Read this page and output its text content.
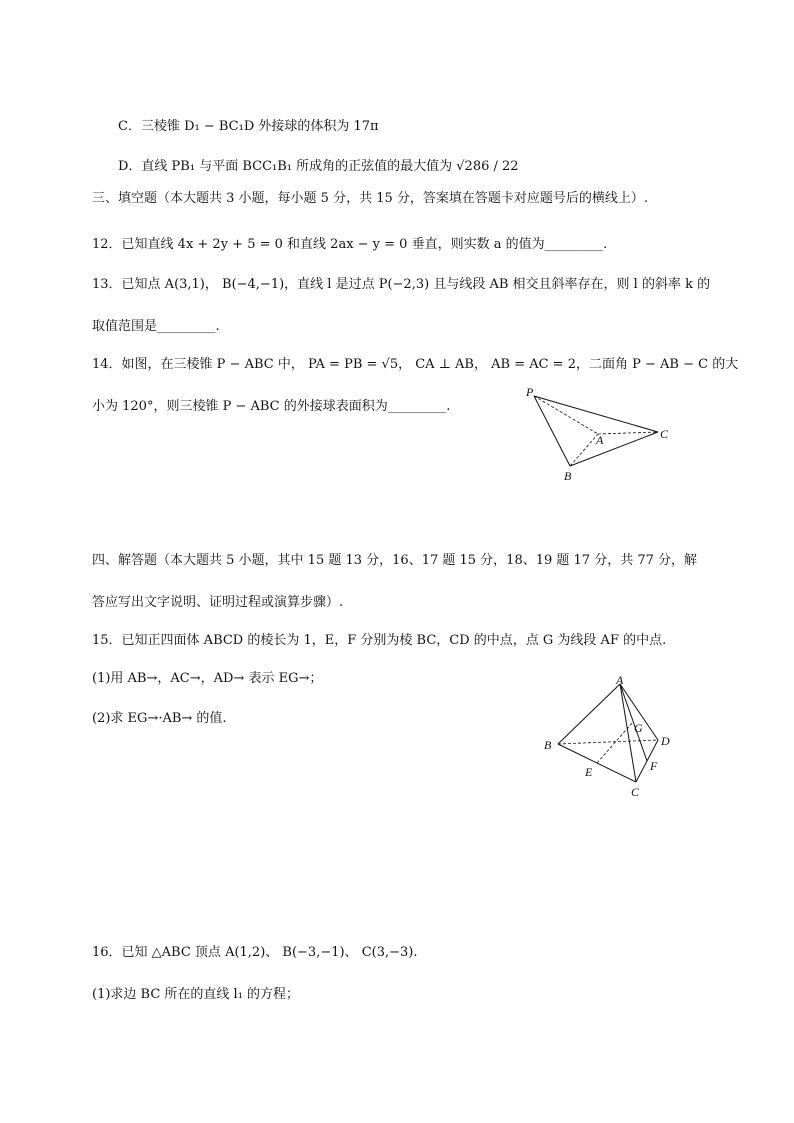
C．三棱锥 D₁ − BC₁D 外接球的体积为 17π
D．直线 PB₁ 与平面 BCC₁B₁ 所成角的正弦值的最大值为 √286 / 22
三、填空题（本大题共 3 小题，每小题 5 分，共 15 分，答案填在答题卡对应题号后的横线上）.
12．已知直线 4x + 2y + 5 = 0 和直线 2ax − y = 0 垂直，则实数 a 的值为_________.
13．已知点 A(3,1)， B(−4,−1)，直线 l 是过点 P(−2,3) 且与线段 AB 相交且斜率存在，则 l 的斜率 k 的
取值范围是_________.
14．如图，在三棱锥 P − ABC 中， PA = PB = √5， CA ⊥ AB， AB = AC = 2，二面角 P − AB − C 的大
小为 120°，则三棱锥 P − ABC 的外接球表面积为_________.
P
A
B
C
四、解答题（本大题共 5 小题，其中 15 题 13 分，16、17 题 15 分，18、19 题 17 分，共 77 分，解
答应写出文字说明、证明过程或演算步骤）.
15．已知正四面体 ABCD 的棱长为 1，E，F 分别为棱 BC，CD 的中点，点 G 为线段 AF 的中点.
(1)用 AB→，AC→，AD→ 表示 EG→；
(2)求 EG→·AB→ 的值.
A
B
C
D
E	F
G
16．已知 △ABC 顶点 A(1,2)、 B(−3,−1)、 C(3,−3).
(1)求边 BC 所在的直线 l₁ 的方程；
